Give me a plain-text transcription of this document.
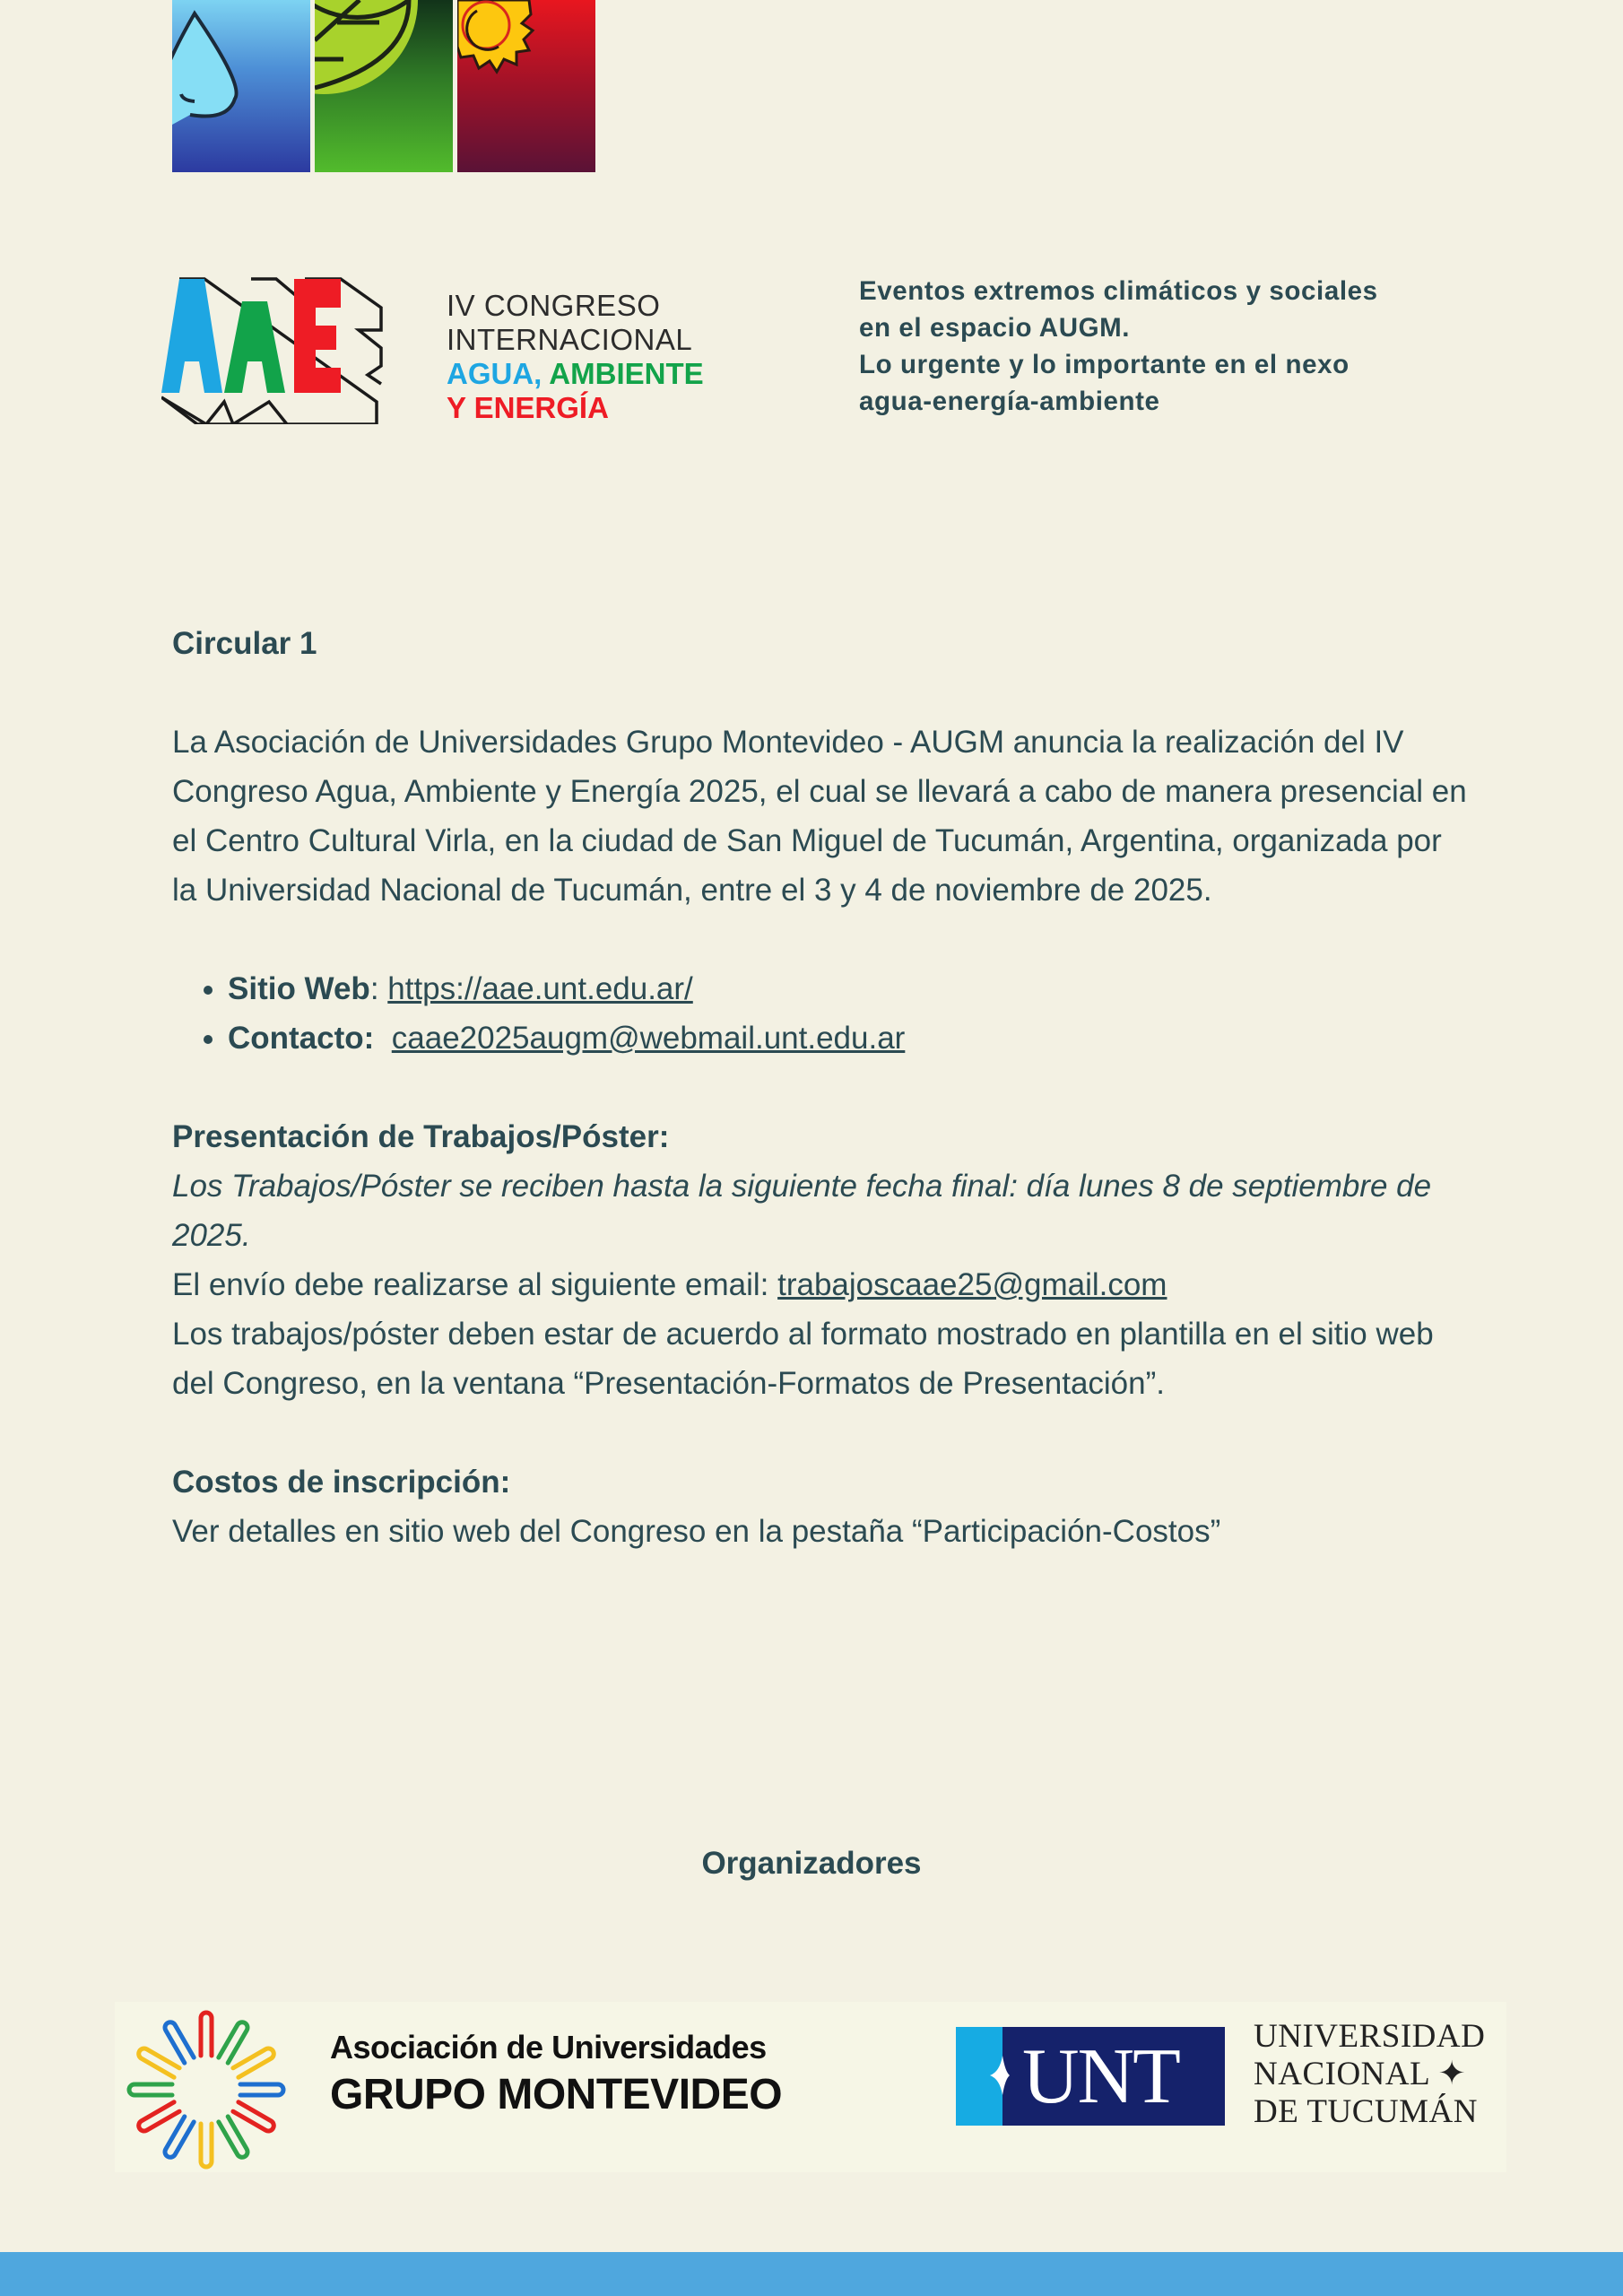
IV CONGRESO
INTERNACIONAL
AGUA, AMBIENTE
Y ENERGÍA
Eventos extremos climáticos y sociales
en el espacio AUGM.
Lo urgente y lo importante en el nexo
agua-energía-ambiente
Circular 1

La Asociación de Universidades Grupo Montevideo - AUGM anuncia la realización del IV Congreso Agua, Ambiente y Energía 2025, el cual se llevará a cabo de manera presencial en el Centro Cultural Virla, en la ciudad de San Miguel de Tucumán, Argentina, organizada por la Universidad Nacional de Tucumán, entre el 3 y 4 de noviembre de 2025.

• Sitio Web: https://aae.unt.edu.ar/
• Contacto: caae2025augm@webmail.unt.edu.ar
Presentación de Trabajos/Póster:

Los Trabajos/Póster se reciben hasta la siguiente fecha final: día lunes 8 de septiembre de 2025.

El envío debe realizarse al siguiente email: trabajoscaae25@gmail.com

Los trabajos/póster deben estar de acuerdo al formato mostrado en plantilla en el sitio web del Congreso, en la ventana “Presentación-Formatos de Presentación”.

Costos de inscripción:

Ver detalles en sitio web del Congreso en la pestaña “Participación-Costos”

Organizadores
Asociación de Universidades
GRUPO MONTEVIDEO	UNT	UNIVERSIDAD
NACIONAL ✦
DE TUCUMÁN
